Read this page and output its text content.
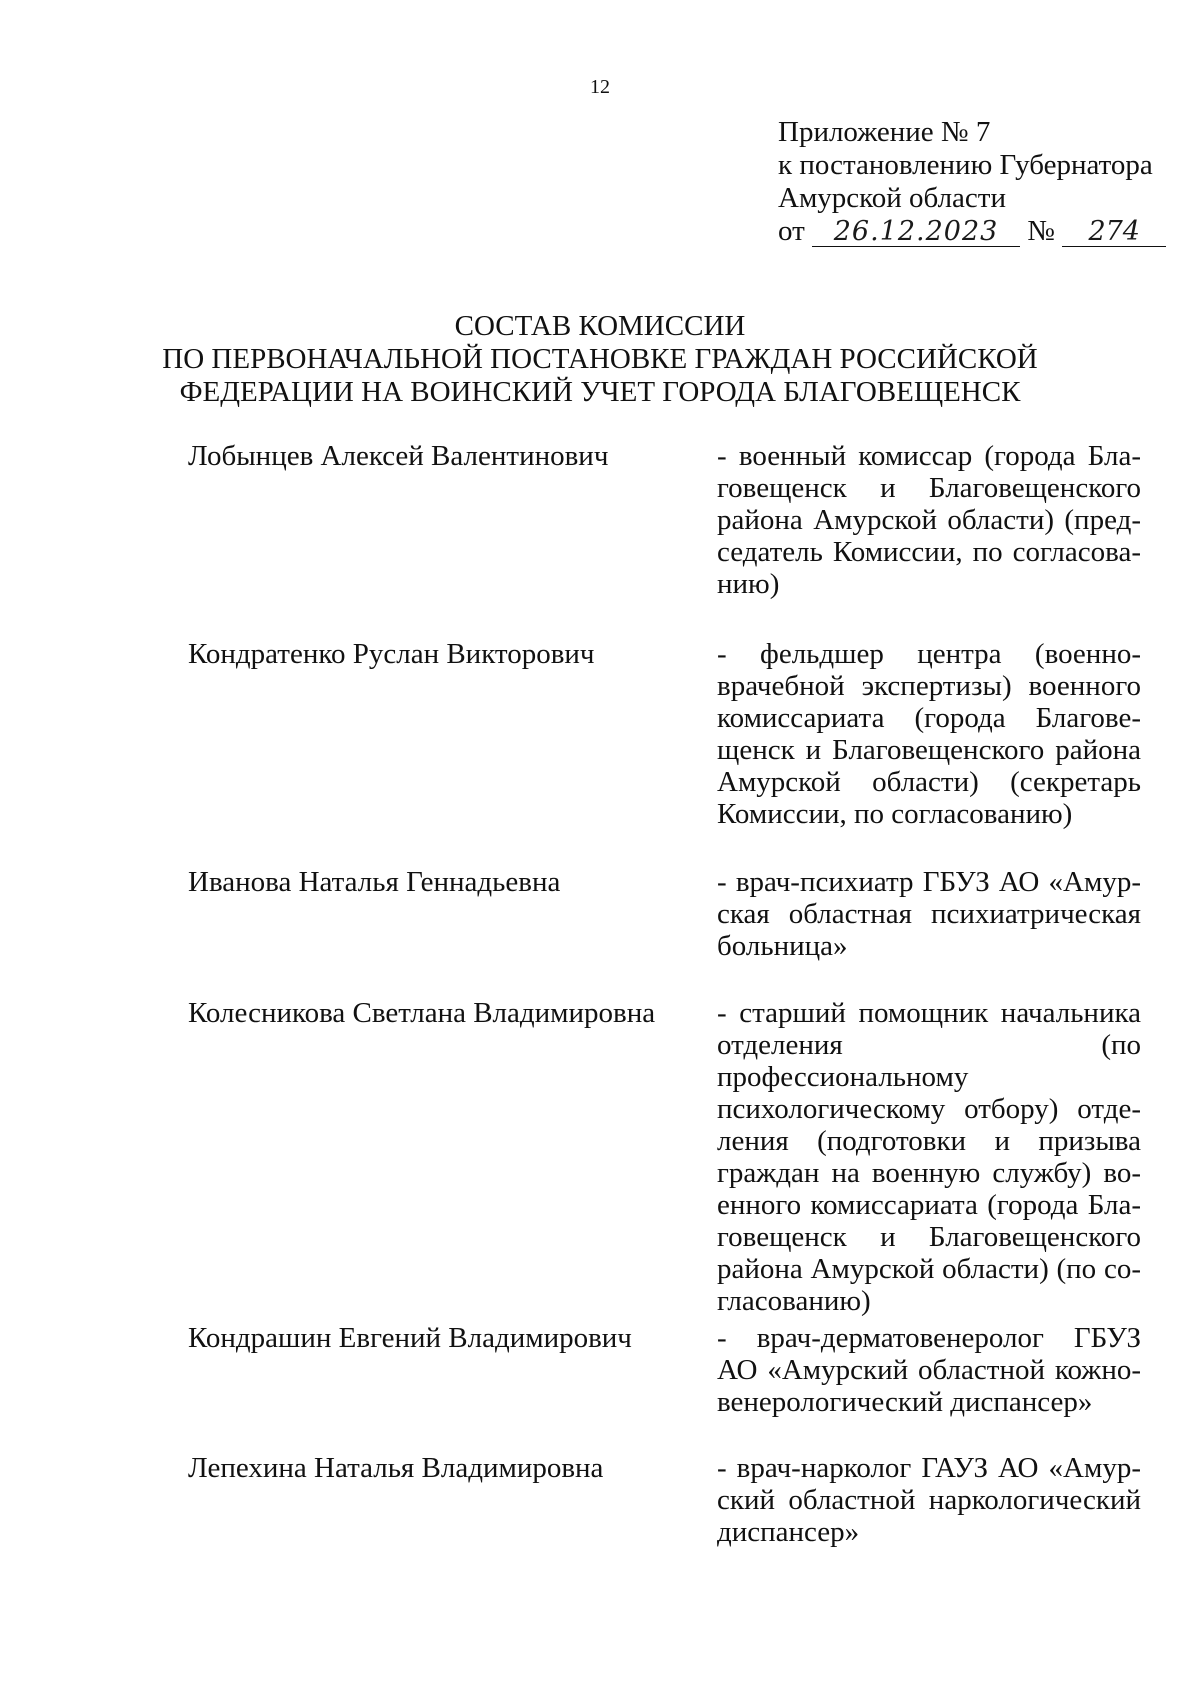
12
Приложение № 7
к постановлению Губернатора
Амурской области
от 26.12.2023 № 274
СОСТАВ КОМИССИИ
ПО ПЕРВОНАЧАЛЬНОЙ ПОСТАНОВКЕ ГРАЖДАН РОССИЙСКОЙ
ФЕДЕРАЦИИ НА ВОИНСКИЙ УЧЕТ ГОРОДА БЛАГОВЕЩЕНСК
Лобынцев Алексей Валентинович	- военный комиссар (города Благовещенск и Благовещенского района Амурской области) (председатель Комиссии, по согласованию)
Кондратенко Руслан Викторович	- фельдшер центра (военно-врачебной экспертизы) военного комиссариата (города Благовещенск и Благовещенского района Амурской области) (секретарь Комиссии, по согласованию)
Иванова Наталья Геннадьевна	- врач-психиатр ГБУЗ АО «Амурская областная психиатрическая больница»
Колесникова Светлана Владимировна - старший помощник начальника отделения (по профессиональному психологическому отбору) отделения (подготовки и призыва граждан на военную службу) военного комиссариата (города Благовещенск и Благовещенского района Амурской области) (по согласованию)
Кондрашин Евгений Владимирович	- врач-дерматовенеролог ГБУЗ АО «Амурский областной кожно-венерологический диспансер»
Лепехина Наталья Владимировна	- врач-нарколог ГАУЗ АО «Амурский областной наркологический диспансер»
